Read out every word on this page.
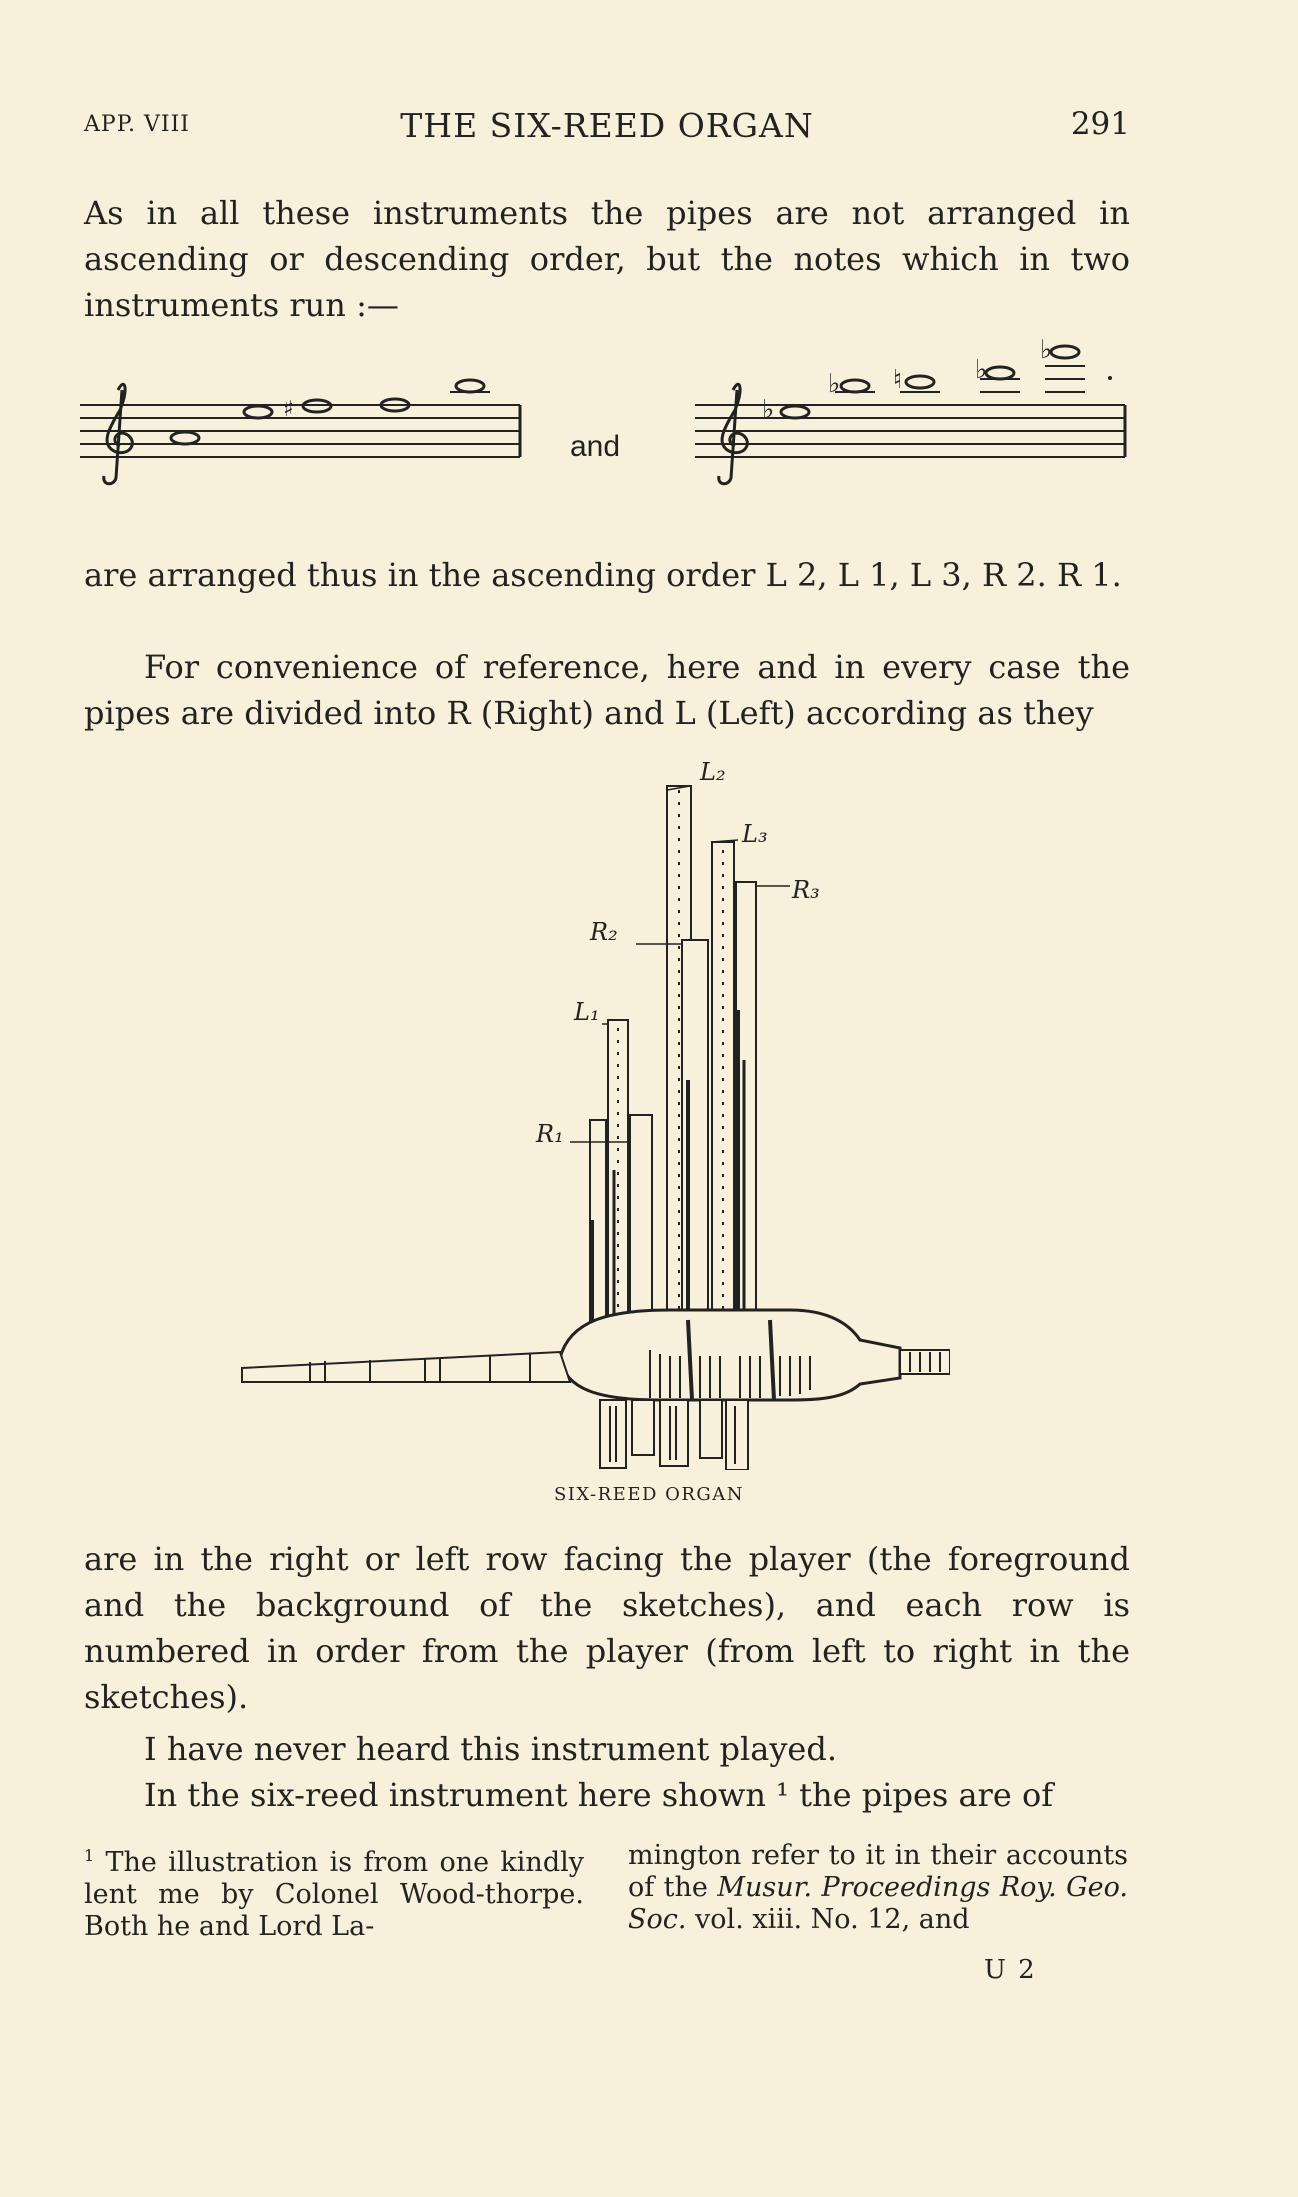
APP. VIII	THE SIX-REED ORGAN	291
As in all these instruments the pipes are not arranged in ascending or descending order, but the notes which in two instruments run :—
♯	♭
♭ ♮	♭
♭
and
are arranged thus in the ascending order L 2, L 1, L 3, R 2. R 1.
For convenience of reference, here and in every case the pipes are divided into R (Right) and L (Left) according as they
L₂
L₃
R₃
R₂
L₁
R₁
SIX-REED ORGAN
are in the right or left row facing the player (the foreground and the background of the sketches), and each row is numbered in order from the player (from left to right in the sketches).
I have never heard this instrument played.
In the six-reed instrument here shown ¹ the pipes are of
$^1$ The illustration is from one kindly lent me by Colonel Wood-thorpe. Both he and Lord La-
mington refer to it in their accounts of the Musur. Proceedings Roy. Geo. Soc. vol. xiii. No. 12, and
U 2
